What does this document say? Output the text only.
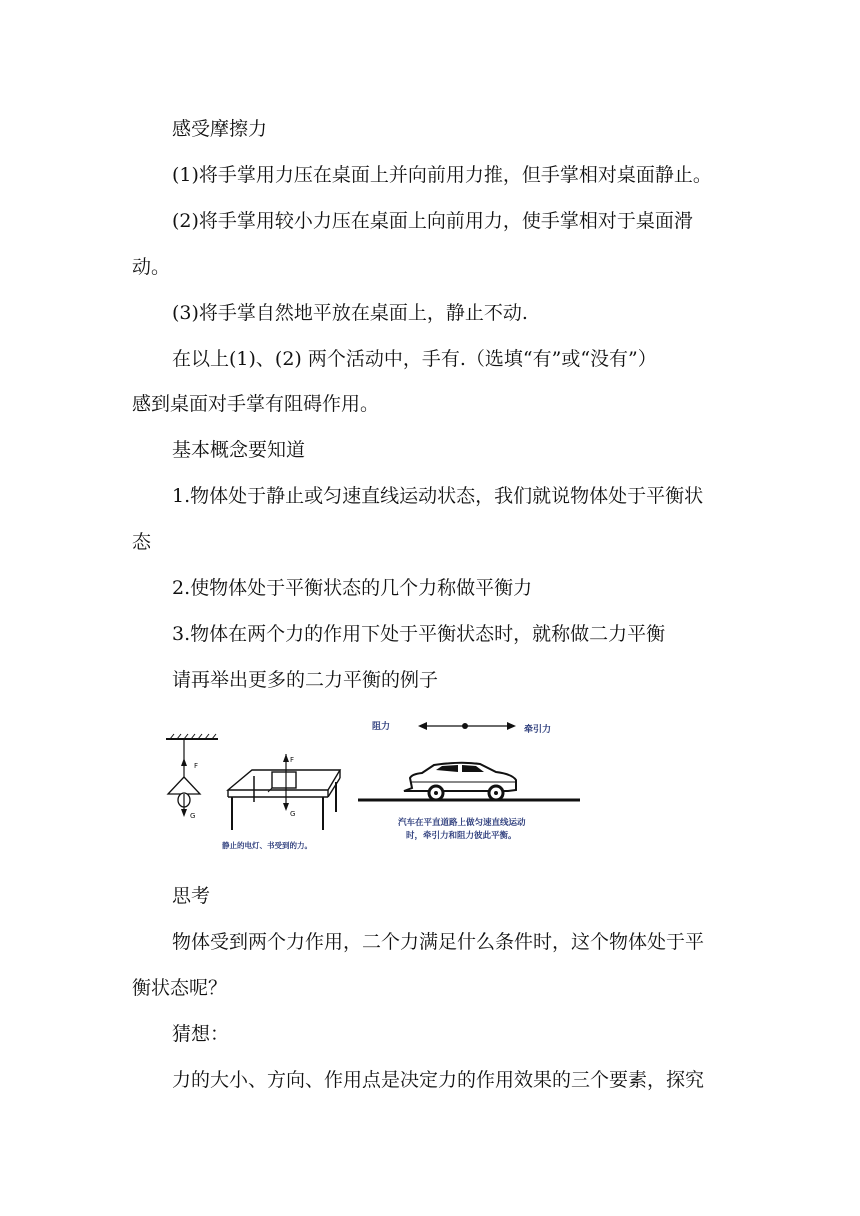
感受摩擦力
(1)将手掌用力压在桌面上并向前用力推，但手掌相对桌面静止。
(2)将手掌用较小力压在桌面上向前用力，使手掌相对于桌面滑
动。
(3)将手掌自然地平放在桌面上，静止不动.
在以上(1)、(2) 两个活动中，手有.（选填“有”或“没有”）
感到桌面对手掌有阻碍作用。
基本概念要知道
1.物体处于静止或匀速直线运动状态，我们就说物体处于平衡状
态
2.使物体处于平衡状态的几个力称做平衡力
3.物体在两个力的作用下处于平衡状态时，就称做二力平衡
请再举出更多的二力平衡的例子
F
G
F
G
静止的电灯、书受到的力。
阻力	牵引力
汽车在平直道路上做匀速直线运动
时，牵引力和阻力彼此平衡。
思考
物体受到两个力作用，二个力满足什么条件时，这个物体处于平
衡状态呢？
猜想：
力的大小、方向、作用点是决定力的作用效果的三个要素，探究
